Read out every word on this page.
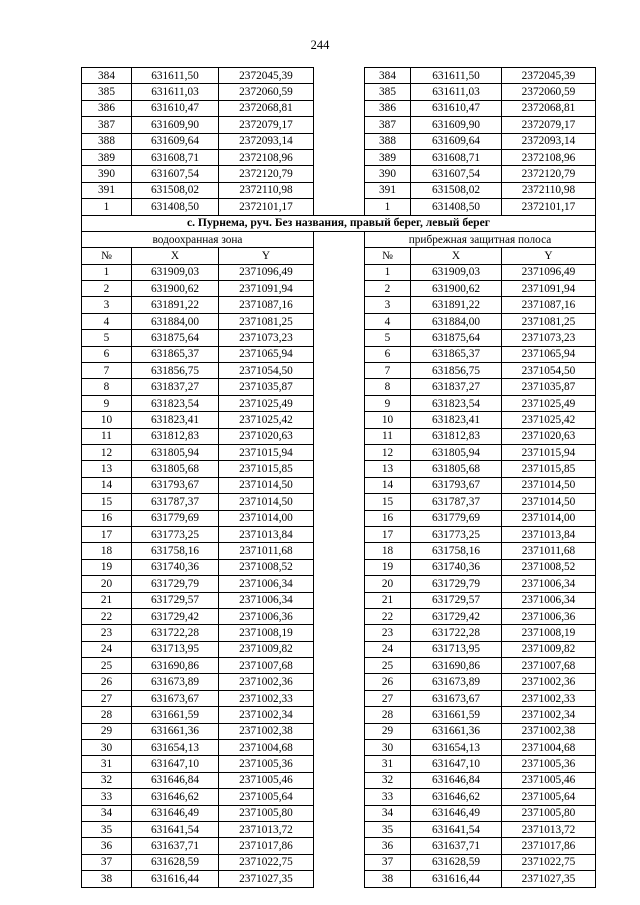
244
384	631611,50	2372045,39		384	631611,50	2372045,39
385	631611,03	2372060,59		385	631611,03	2372060,59
386	631610,47	2372068,81		386	631610,47	2372068,81
387	631609,90	2372079,17		387	631609,90	2372079,17
388	631609,64	2372093,14		388	631609,64	2372093,14
389	631608,71	2372108,96		389	631608,71	2372108,96
390	631607,54	2372120,79		390	631607,54	2372120,79
391	631508,02	2372110,98		391	631508,02	2372110,98
1	631408,50	2372101,17		1	631408,50	2372101,17
с. Пурнема, руч. Без названия, правый берег, левый берег						
водоохранная зона				прибрежная защитная полоса		
№	X	Y		№	X	Y
1	631909,03	2371096,49		1	631909,03	2371096,49
2	631900,62	2371091,94		2	631900,62	2371091,94
3	631891,22	2371087,16		3	631891,22	2371087,16
4	631884,00	2371081,25		4	631884,00	2371081,25
5	631875,64	2371073,23		5	631875,64	2371073,23
6	631865,37	2371065,94		6	631865,37	2371065,94
7	631856,75	2371054,50		7	631856,75	2371054,50
8	631837,27	2371035,87		8	631837,27	2371035,87
9	631823,54	2371025,49		9	631823,54	2371025,49
10	631823,41	2371025,42		10	631823,41	2371025,42
11	631812,83	2371020,63		11	631812,83	2371020,63
12	631805,94	2371015,94		12	631805,94	2371015,94
13	631805,68	2371015,85		13	631805,68	2371015,85
14	631793,67	2371014,50		14	631793,67	2371014,50
15	631787,37	2371014,50		15	631787,37	2371014,50
16	631779,69	2371014,00		16	631779,69	2371014,00
17	631773,25	2371013,84		17	631773,25	2371013,84
18	631758,16	2371011,68		18	631758,16	2371011,68
19	631740,36	2371008,52		19	631740,36	2371008,52
20	631729,79	2371006,34		20	631729,79	2371006,34
21	631729,57	2371006,34		21	631729,57	2371006,34
22	631729,42	2371006,36		22	631729,42	2371006,36
23	631722,28	2371008,19		23	631722,28	2371008,19
24	631713,95	2371009,82		24	631713,95	2371009,82
25	631690,86	2371007,68		25	631690,86	2371007,68
26	631673,89	2371002,36		26	631673,89	2371002,36
27	631673,67	2371002,33		27	631673,67	2371002,33
28	631661,59	2371002,34		28	631661,59	2371002,34
29	631661,36	2371002,38		29	631661,36	2371002,38
30	631654,13	2371004,68		30	631654,13	2371004,68
31	631647,10	2371005,36		31	631647,10	2371005,36
32	631646,84	2371005,46		32	631646,84	2371005,46
33	631646,62	2371005,64		33	631646,62	2371005,64
34	631646,49	2371005,80		34	631646,49	2371005,80
35	631641,54	2371013,72		35	631641,54	2371013,72
36	631637,71	2371017,86		36	631637,71	2371017,86
37	631628,59	2371022,75		37	631628,59	2371022,75
38	631616,44	2371027,35		38	631616,44	2371027,35
